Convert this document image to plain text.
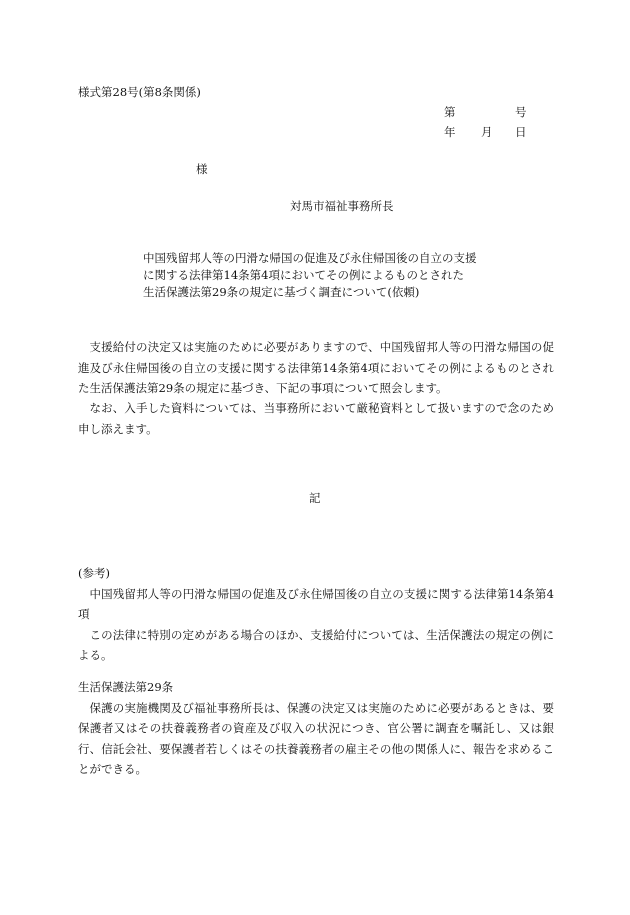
様式第28号(第8条関係)
第	号
年 月 日
様
対馬市福祉事務所長
中国残留邦人等の円滑な帰国の促進及び永住帰国後の自立の支援
に関する法律第14条第4項においてその例によるものとされた
生活保護法第29条の規定に基づく調査について(依頼)
支援給付の決定又は実施のために必要がありますので、中国残留邦人等の円滑な帰国の促進及び永住帰国後の自立の支援に関する法律第14条第4項においてその例によるものとされた生活保護法第29条の規定に基づき、下記の事項について照会します。
なお、入手した資料については、当事務所において厳秘資料として扱いますので念のため申し添えます。
記
(参考)
中国残留邦人等の円滑な帰国の促進及び永住帰国後の自立の支援に関する法律第14条第4項
この法律に特別の定めがある場合のほか、支援給付については、生活保護法の規定の例による。
生活保護法第29条
保護の実施機関及び福祉事務所長は、保護の決定又は実施のために必要があるときは、要保護者又はその扶養義務者の資産及び収入の状況につき、官公署に調査を嘱託し、又は銀行、信託会社、要保護者若しくはその扶養義務者の雇主その他の関係人に、報告を求めることができる。
